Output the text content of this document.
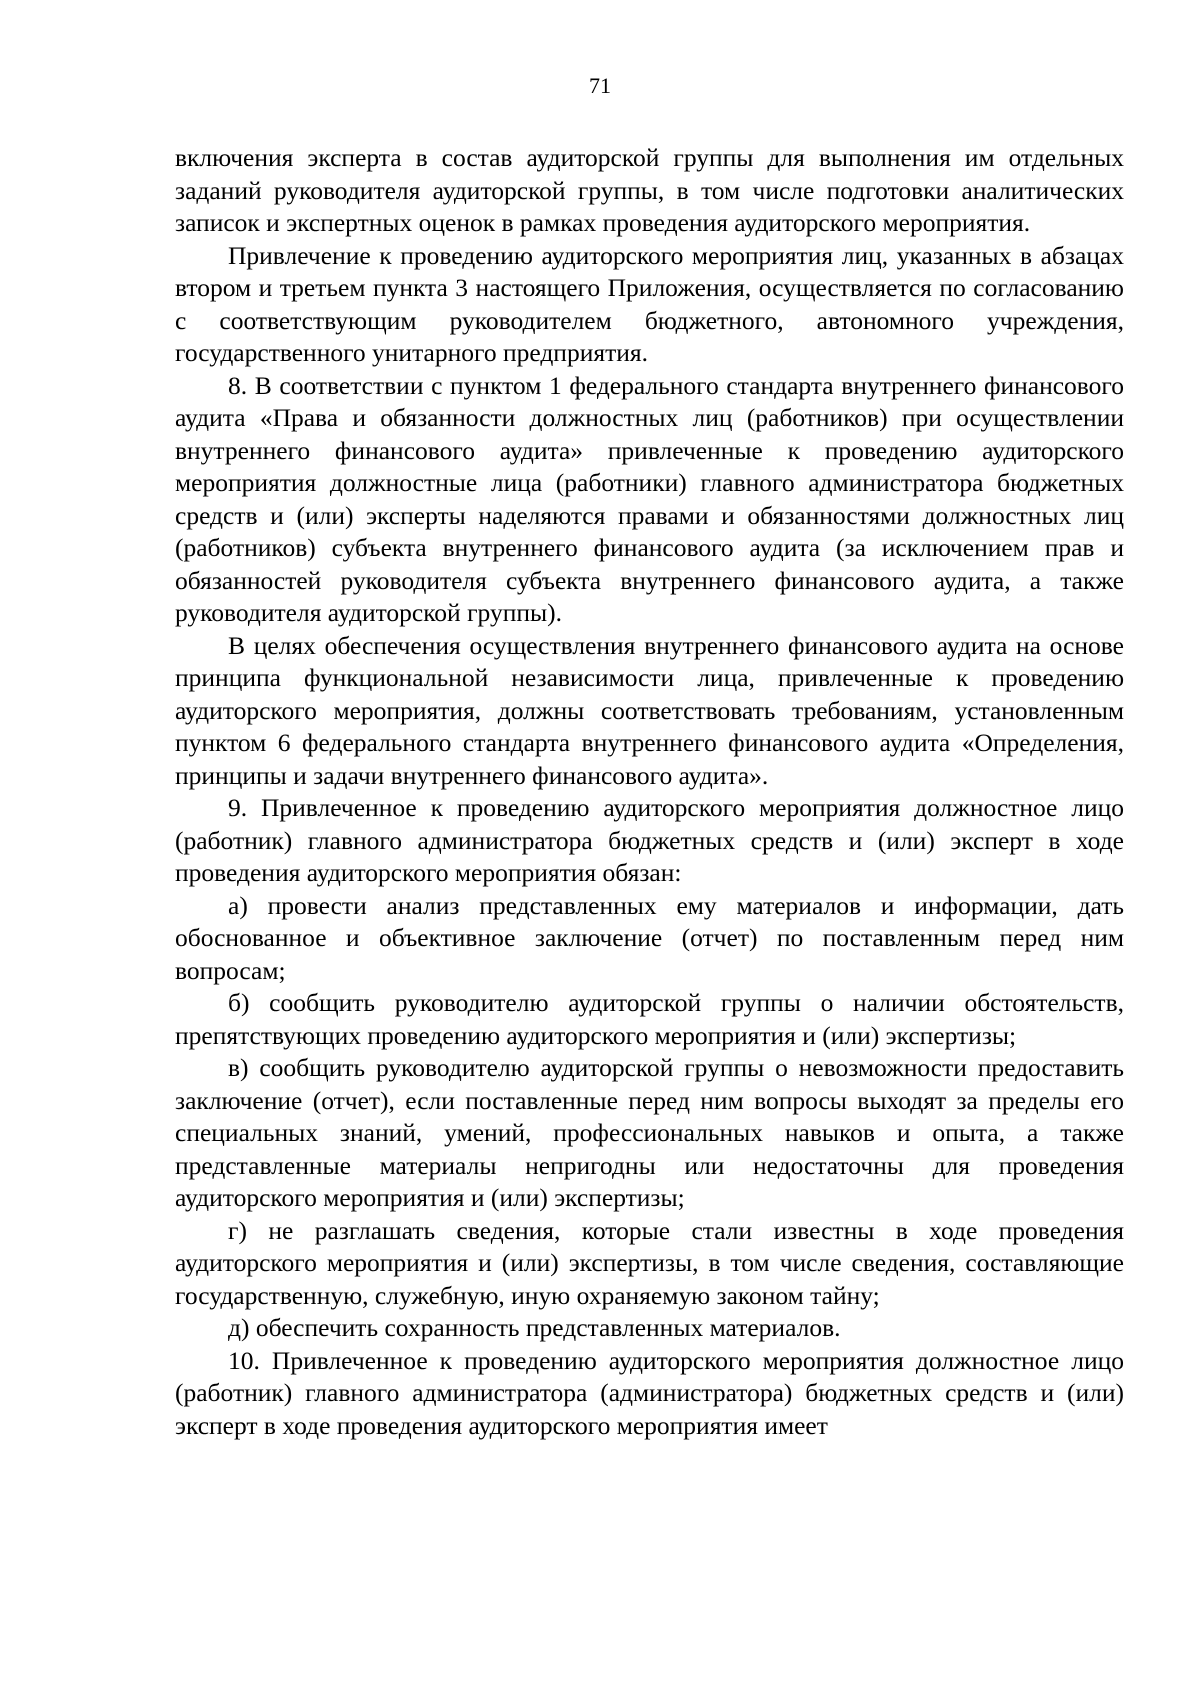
71

включения эксперта в состав аудиторской группы для выполнения им отдельных заданий руководителя аудиторской группы, в том числе подготовки аналитических записок и экспертных оценок в рамках проведения аудиторского мероприятия.

Привлечение к проведению аудиторского мероприятия лиц, указанных в абзацах втором и третьем пункта 3 настоящего Приложения, осуществляется по согласованию с соответствующим руководителем бюджетного, автономного учреждения, государственного унитарного предприятия.

8. В соответствии с пунктом 1 федерального стандарта внутреннего финансового аудита «Права и обязанности должностных лиц (работников) при осуществлении внутреннего финансового аудита» привлеченные к проведению аудиторского мероприятия должностные лица (работники) главного администратора бюджетных средств и (или) эксперты наделяются правами и обязанностями должностных лиц (работников) субъекта внутреннего финансового аудита (за исключением прав и обязанностей руководителя субъекта внутреннего финансового аудита, а также руководителя аудиторской группы).

В целях обеспечения осуществления внутреннего финансового аудита на основе принципа функциональной независимости лица, привлеченные к проведению аудиторского мероприятия, должны соответствовать требованиям, установленным пунктом 6 федерального стандарта внутреннего финансового аудита «Определения, принципы и задачи внутреннего финансового аудита».

9. Привлеченное к проведению аудиторского мероприятия должностное лицо (работник) главного администратора бюджетных средств и (или) эксперт в ходе проведения аудиторского мероприятия обязан:

а) провести анализ представленных ему материалов и информации, дать обоснованное и объективное заключение (отчет) по поставленным перед ним вопросам;

б) сообщить руководителю аудиторской группы о наличии обстоятельств, препятствующих проведению аудиторского мероприятия и (или) экспертизы;

в) сообщить руководителю аудиторской группы о невозможности предоставить заключение (отчет), если поставленные перед ним вопросы выходят за пределы его специальных знаний, умений, профессиональных навыков и опыта, а также представленные материалы непригодны или недостаточны для проведения аудиторского мероприятия и (или) экспертизы;

г) не разглашать сведения, которые стали известны в ходе проведения аудиторского мероприятия и (или) экспертизы, в том числе сведения, составляющие государственную, служебную, иную охраняемую законом тайну;

д) обеспечить сохранность представленных материалов.

10. Привлеченное к проведению аудиторского мероприятия должностное лицо (работник) главного администратора (администратора) бюджетных средств и (или) эксперт в ходе проведения аудиторского мероприятия имеет
